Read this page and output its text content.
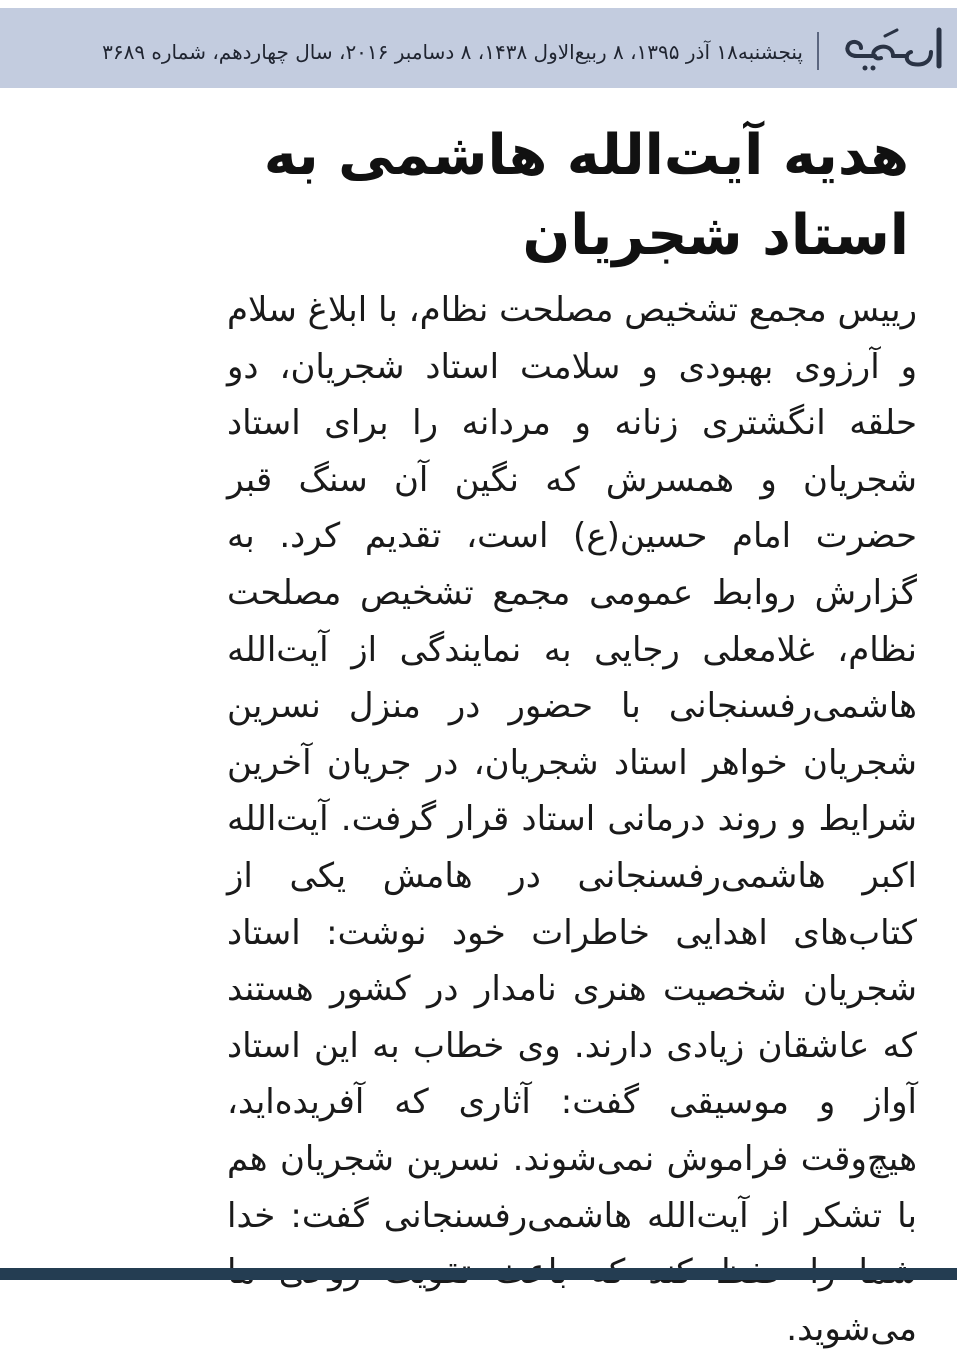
پنجشنبه۱۸ آذر ۱۳۹۵، ۸ ربیع‌الاول ۱۴۳۸، ۸ دسامبر ۲۰۱۶، سال چهاردهم، شماره ۳۶۸۹
هدیه آیت‌الله هاشمی به استاد شجریان

رییس مجمع تشخیص مصلحت نظام، با ابلاغ سلام و آرزوی بهبودی و سلامت استاد شجریان، دو حلقه انگشتری زنانه و مردانه را برای استاد شجریان و همسرش که نگین آن سنگ قبر حضرت امام حسین(ع) است، تقدیم کرد. به گزارش روابط عمومی مجمع تشخیص مصلحت نظام، غلامعلی رجایی به نمایندگی از آیت‌الله هاشمی‌رفسنجانی با حضور در منزل نسرین شجریان خواهر استاد شجریان، در جریان آخرین شرایط و روند درمانی استاد قرار گرفت. آیت‌الله اکبر هاشمی‌رفسنجانی در هامش یکی از کتاب‌های اهدایی خاطرات خود نوشت: استاد شجریان شخصیت هنری نامدار در کشور هستند که عاشقان زیادی دارند. وی خطاب به این استاد آواز و موسیقی گفت: آثاری که آفریده‌اید، هیچ‌وقت فراموش نمی‌شوند. نسرین شجریان هم با تشکر از آیت‌الله هاشمی‌رفسنجانی گفت: خدا می‌شوید.
